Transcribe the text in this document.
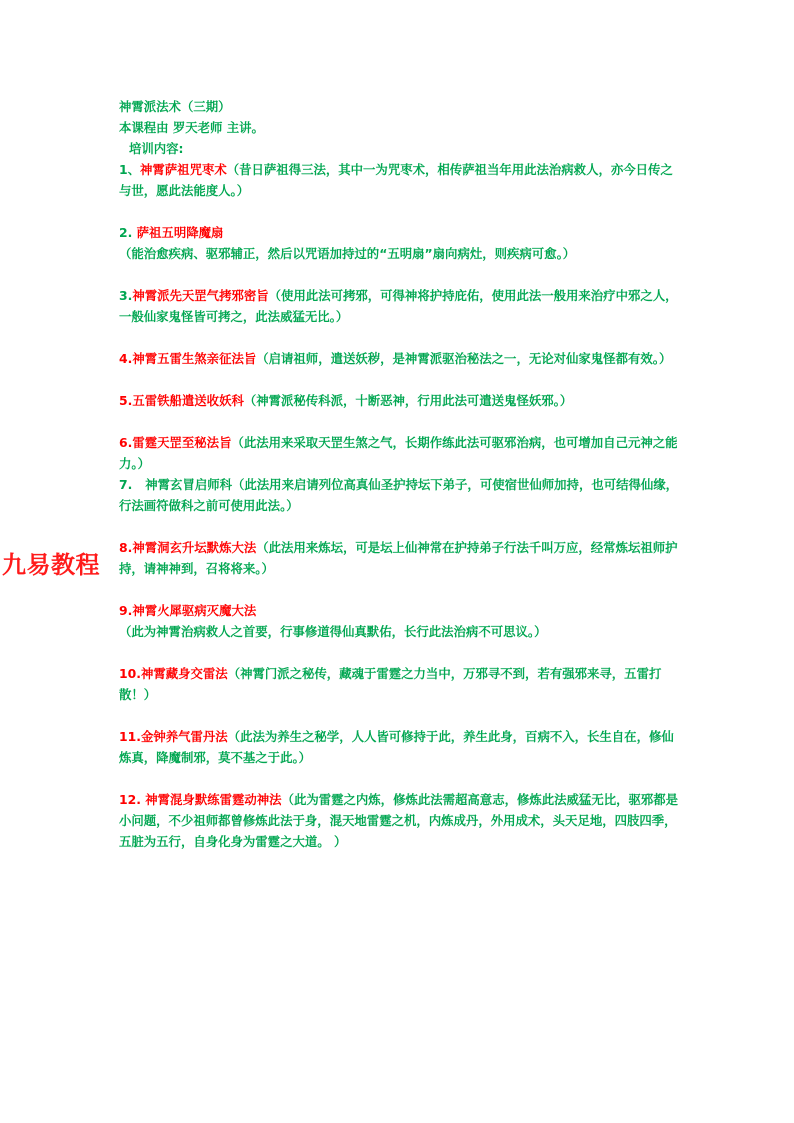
神霄派法术（三期）
本课程由 罗天老师 主讲。
培训内容:
1、神霄萨祖咒枣术（昔日萨祖得三法，其中一为咒枣术，相传萨祖当年用此法治病救人，亦今日传之与世，愿此法能度人。）
2. 萨祖五明降魔扇（能治愈疾病、驱邪辅正，然后以咒语加持过的“五明扇”扇向病灶，则疾病可愈。）
3.神霄派先天罡气拷邪密旨（使用此法可拷邪，可得神将护持庇佑，使用此法一般用来治疗中邪之人，一般仙家鬼怪皆可拷之，此法威猛无比。）
4.神霄五雷生煞亲征法旨（启请祖师，遣送妖秽，是神霄派驱治秘法之一，无论对仙家鬼怪都有效。）
5.五雷铁船遣送收妖科（神霄派秘传科派，十断恶神，行用此法可遣送鬼怪妖邪。）
6.雷霆天罡至秘法旨（此法用来采取天罡生煞之气，长期作练此法可驱邪治病，也可增加自己元神之能力。）
7.   神霄玄冒启师科（此法用来启请列位高真仙圣护持坛下弟子，可使宿世仙师加持，也可结得仙缘，行法画符做科之前可使用此法。）
8.神霄洞玄升坛默炼大法（此法用来炼坛，可是坛上仙神常在护持弟子行法千叫万应，经常炼坛祖师护持，请神神到，召将将来。）
9.神霄火犀驱病灭魔大法（此为神霄治病救人之首要，行事修道得仙真默佑，长行此法治病不可思议。）
10.神霄藏身交雷法（神霄门派之秘传，藏魂于雷霆之力当中，万邪寻不到，若有强邪来寻，五雷打散！）
11.金钟养气雷丹法（此法为养生之秘学，人人皆可修持于此，养生此身，百病不入，长生自在，修仙炼真，降魔制邪，莫不基之于此。）
12. 神霄混身默练雷霆动神法（此为雷霆之内炼，修炼此法需超高意志，修炼此法威猛无比，驱邪都是小问题，不少祖师都曾修炼此法于身，混天地雷霆之机，内炼成丹，外用成术，头天足地，四肢四季，五脏为五行，自身化身为雷霆之大道。 ）
九易教程
